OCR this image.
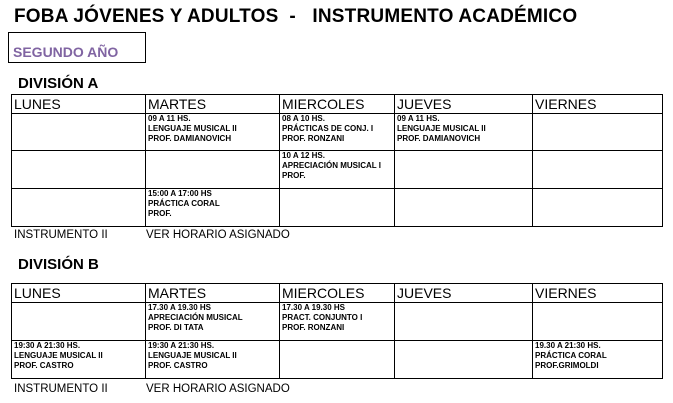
FOBA JÓVENES Y ADULTOS  -   INSTRUMENTO ACADÉMICO
SEGUNDO AÑO
DIVISIÓN A
LUNES	MARTES	MIERCOLES	JUEVES	VIERNES

	09 A 11 HS.
LENGUAJE MUSICAL II
PROF. DAMIANOVICH	08 A 10 HS.
PRÁCTICAS DE CONJ. I
PROF. RONZANI	09 A 11 HS.
LENGUAJE MUSICAL II
PROF. DAMIANOVICH	

		10 A 12 HS.
APRECIACIÓN MUSICAL I
PROF.		

	15:00 A 17:00 HS
PRÁCTICA CORAL
PROF.			

INSTRUMENTO II	VER HORARIO ASIGNADO
DIVISIÓN B
LUNES	MARTES	MIERCOLES	JUEVES	VIERNES

	17.30 A 19.30 HS
APRECIACIÓN MUSICAL
PROF. DI TATA	17.30 A 19.30 HS
PRACT. CONJUNTO I
PROF. RONZANI		

19:30 A 21:30 HS.
LENGUAJE MUSICAL II
PROF. CASTRO	19:30 A 21:30 HS.
LENGUAJE MUSICAL II
PROF. CASTRO			19.30 A 21:30 HS.
PRÁCTICA CORAL
PROF.GRIMOLDI
INSTRUMENTO II	VER HORARIO ASIGNADO
